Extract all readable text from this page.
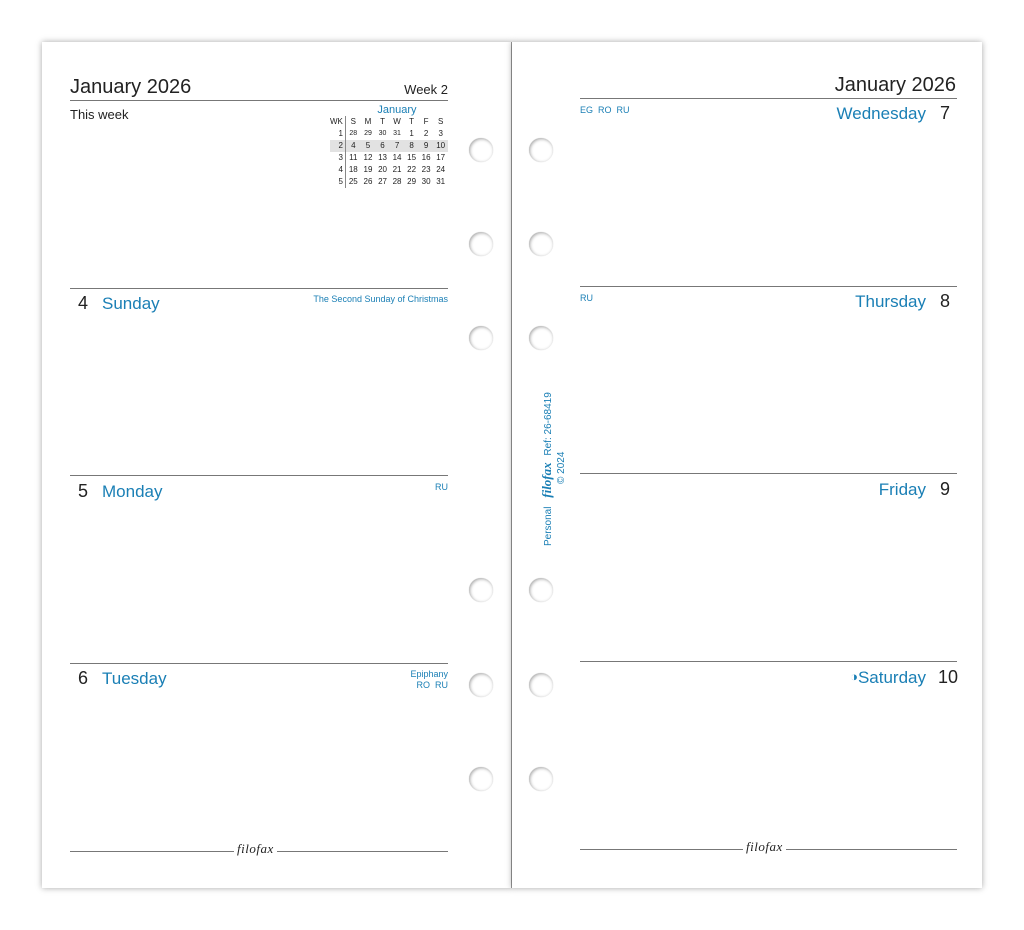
January 2026	Week 2
This week	January
WK	S	M	T	W	T	F	S
1	28	29	30	31	1	2	3
2	4	5	6	7	8	9	10
3	11	12	13	14	15	16	17
4	18	19	20	21	22	23	24
5	25	26	27	28	29	30	31
4 Sunday	The Second Sunday of Christmas
5 Monday	RU
6 Tuesday	Epiphany
RO  RU
filofax
January 2026
EG  RO  RU	Wednesday 7
RU	Thursday 8
Friday 9
◑ Saturday 10
filofax
Personal filofax Ref: 26-68419
© 2024
